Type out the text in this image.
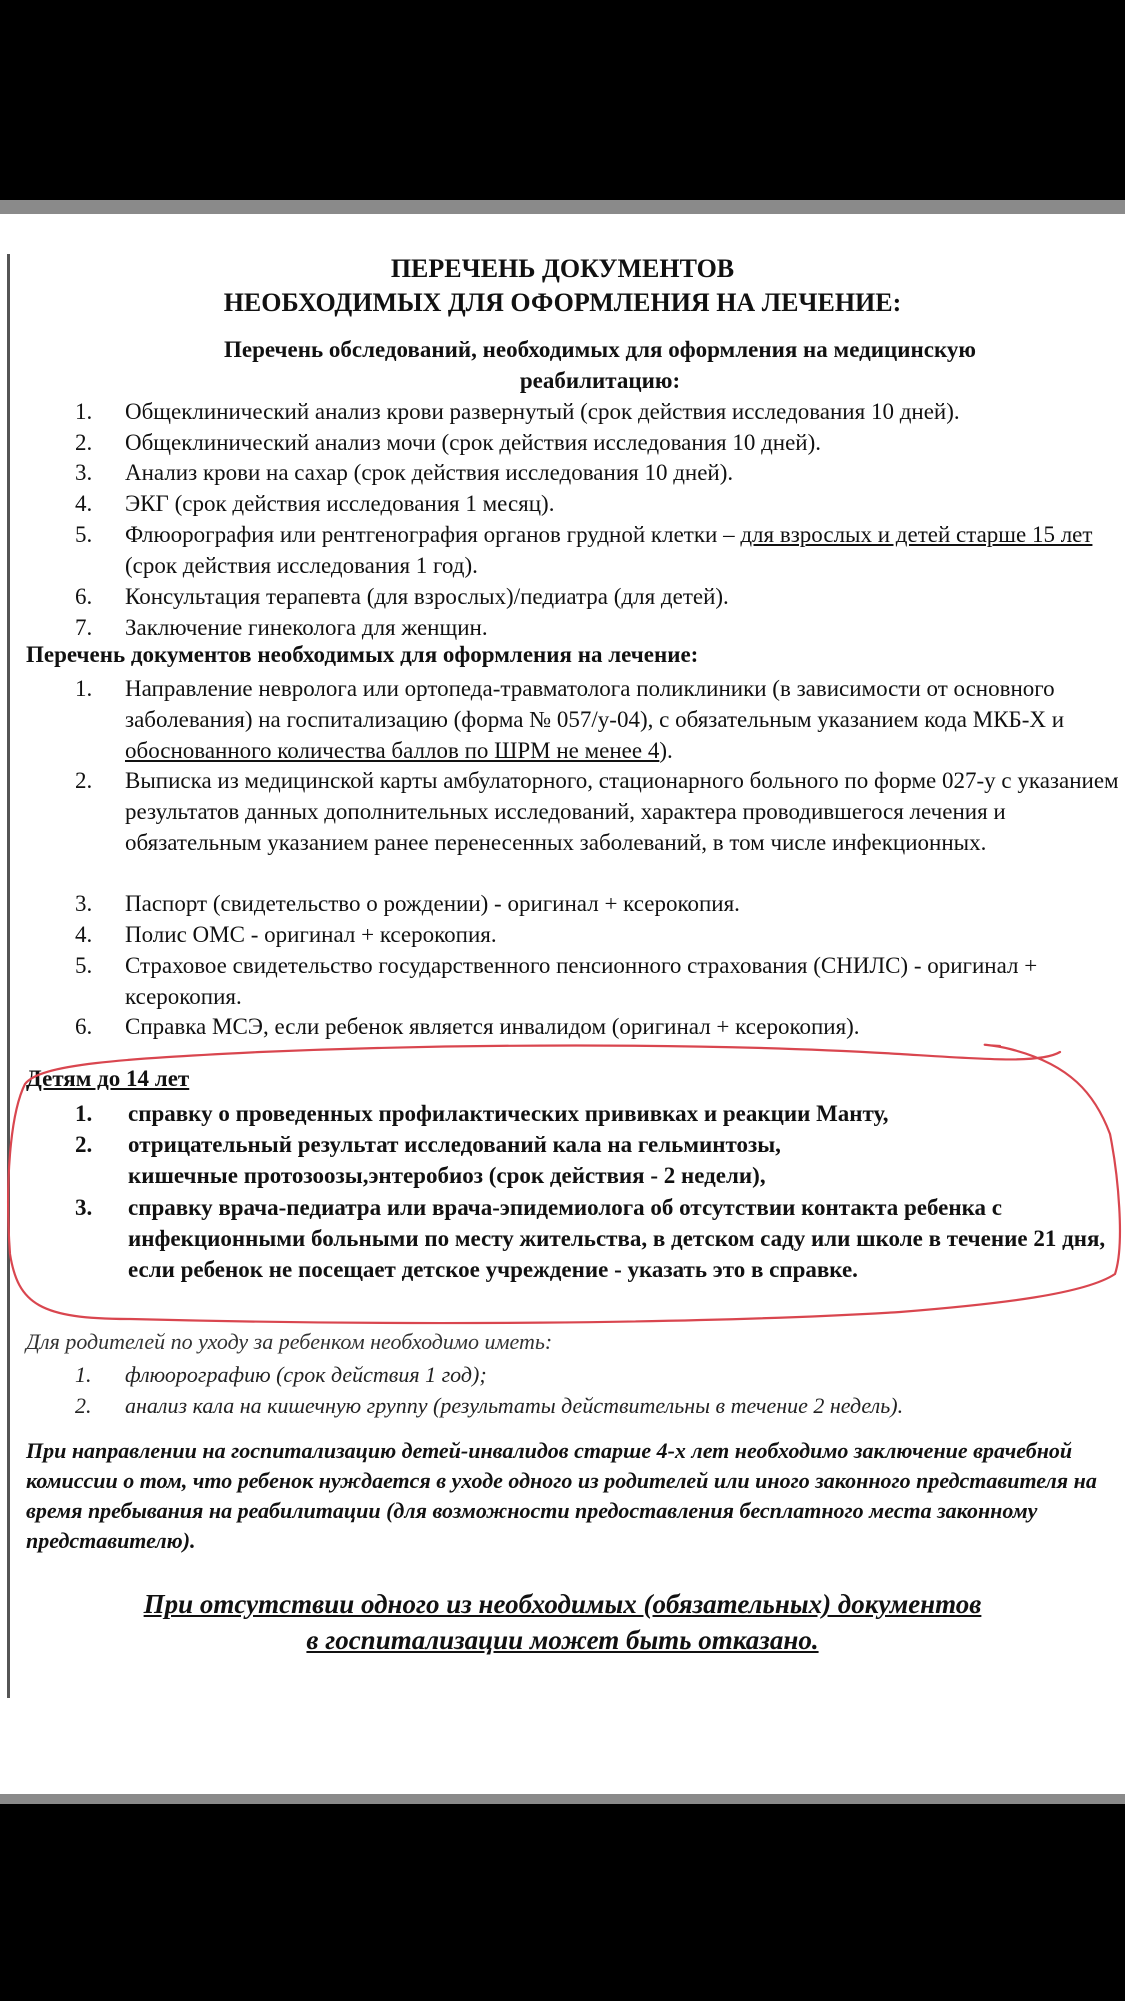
ПЕРЕЧЕНЬ ДОКУМЕНТОВ
НЕОБХОДИМЫХ ДЛЯ ОФОРМЛЕНИЯ НА ЛЕЧЕНИЕ:
Перечень обследований, необходимых для оформления на медицинскую
реабилитацию:
1.	Общеклинический анализ крови развернутый (срок действия исследования 10 дней).
2.	Общеклинический анализ мочи (срок действия исследования 10 дней).
3.	Анализ крови на сахар (срок действия исследования 10 дней).
4.	ЭКГ (срок действия исследования 1 месяц).
5.	Флюорография или рентгенография органов грудной клетки – для взрослых и детей старше 15 лет (срок действия исследования 1 год).
6.	Консультация терапевта (для взрослых)/педиатра (для детей).
7.	Заключение гинеколога для женщин.
Перечень документов необходимых для оформления на лечение:
1.	Направление невролога или ортопеда-травматолога поликлиники (в зависимости от основного заболевания) на госпитализацию (форма № 057/у-04), с обязательным указанием кода МКБ-Х и обоснованного количества баллов по ШРМ не менее 4).
2.	Выписка из медицинской карты амбулаторного, стационарного больного по форме 027-у с указанием результатов данных дополнительных исследований, характера проводившегося лечения и обязательным указанием ранее перенесенных заболеваний, в том числе инфекционных.
3.	Паспорт (свидетельство о рождении) - оригинал + ксерокопия.
4.	Полис ОМС - оригинал + ксерокопия.
5.	Страховое свидетельство государственного пенсионного страхования (СНИЛС) - оригинал + ксерокопия.
6.	Справка МСЭ, если ребенок является инвалидом (оригинал + ксерокопия).
Детям до 14 лет
1.	справку о проведенных профилактических прививках и реакции Манту,
2.	отрицательный результат исследований кала на гельминтозы,
кишечные протозоозы,энтеробиоз (срок действия - 2 недели),
3.	справку врача-педиатра или врача-эпидемиолога об отсутствии контакта ребенка с инфекционными больными по месту жительства, в детском саду или школе в течение 21 дня, если ребенок не посещает детское учреждение - указать это в справке.
Для родителей по уходу за ребенком необходимо иметь:
1.	флюорографию (срок действия 1 год);
2.	анализ кала на кишечную группу (результаты действительны в течение 2 недель).
При направлении на госпитализацию детей-инвалидов старше 4-х лет необходимо заключение врачебной комиссии о том, что ребенок нуждается в уходе одного из родителей или иного законного представителя на время пребывания на реабилитации (для возможности предоставления бесплатного места законному представителю).
При отсутствии одного из необходимых (обязательных) документов
в госпитализации может быть отказано.
